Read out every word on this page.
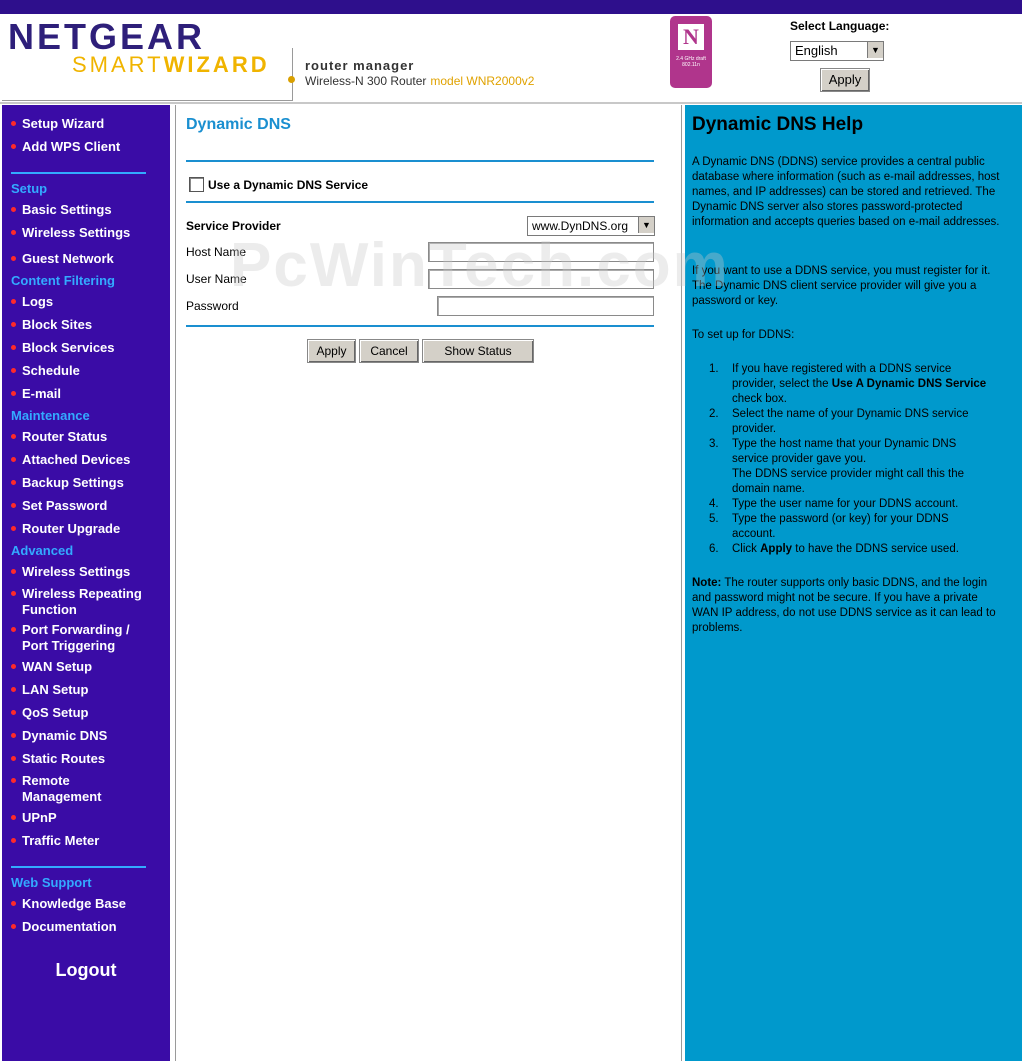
NETGEAR
SMARTWIZARD	router manager
Wireless-N 300 Router model WNR2000v2
N
2.4 GHz draft 802.11n
Select Language:
English	▼
Apply
Setup Wizard
Add WPS Client
Setup
Basic Settings
Wireless Settings
Guest Network
Content Filtering
Logs
Block Sites
Block Services
Schedule
E-mail
Maintenance
Router Status
Attached Devices
Backup Settings
Set Password
Router Upgrade
Advanced
Wireless Settings
Wireless Repeating Function
Port Forwarding / Port Triggering
WAN Setup
LAN Setup
QoS Setup
Dynamic DNS
Static Routes
Remote Management
UPnP
Traffic Meter
Web Support
Knowledge Base
Documentation
Logout
Dynamic DNS
Use a Dynamic DNS Service
Service Provider	www.DynDNS.org	▼
Host Name
User Name
Password
Apply	Cancel	Show Status
Dynamic DNS Help
A Dynamic DNS (DDNS) service provides a central public database where information (such as e-mail addresses, host names, and IP addresses) can be stored and retrieved. The Dynamic DNS server also stores password-protected information and accepts queries based on e-mail addresses.
If you want to use a DDNS service, you must register for it. The Dynamic DNS client service provider will give you a password or key.
To set up for DDNS:
1.	If you have registered with a DDNS service provider, select the Use A Dynamic DNS Service check box.
2.	Select the name of your Dynamic DNS service provider.
3.	Type the host name that your Dynamic DNS service provider gave you.
The DDNS service provider might call this the domain name.
4.	Type the user name for your DDNS account.
5.	Type the password (or key) for your DDNS account.
6.	Click Apply to have the DDNS service used.
Note: The router supports only basic DDNS, and the login and password might not be secure. If you have a private WAN IP address, do not use DDNS service as it can lead to problems.
PcWinTech.com
